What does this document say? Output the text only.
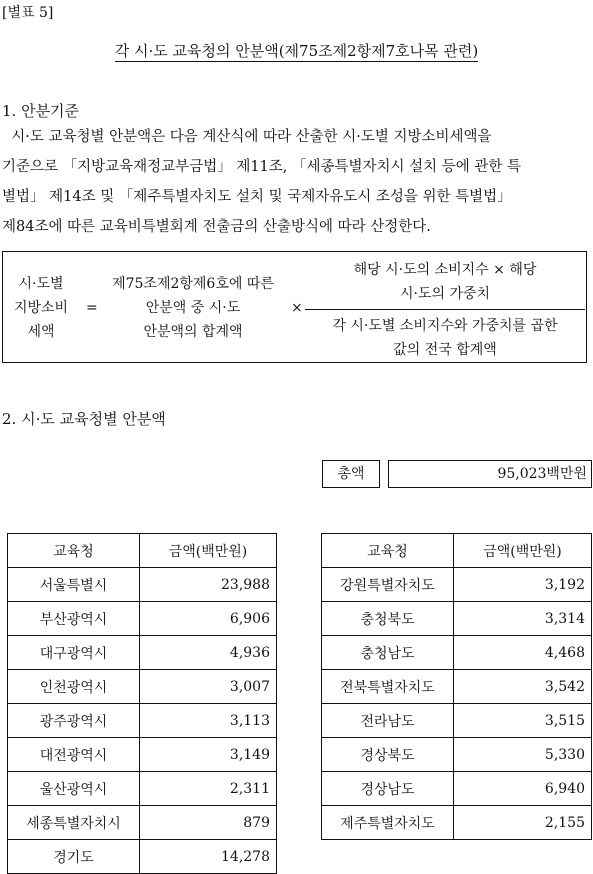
[별표 5]
각 시·도 교육청의 안분액(제75조제2항제7호나목 관련)
1. 안분기준
시·도 교육청별 안분액은 다음 계산식에 따라 산출한 시·도별 지방소비세액을
기준으로 「지방교육재정교부금법」 제11조, 「세종특별자치시 설치 등에 관한 특
별법」 제14조 및 「제주특별자치도 설치 및 국제자유도시 조성을 위한 특별법」
제84조에 따른 교육비특별회계 전출금의 산출방식에 따라 산정한다.
시·도별
지방소비
세액
=
제75조제2항제6호에 따른
안분액 중 시·도
안분액의 합계액
×
해당 시·도의 소비지수 × 해당
시·도의 가중치
각 시·도별 소비지수와 가중치를 곱한
값의 전국 합계액
2. 시·도 교육청별 안분액
총액	95,023백만원
교육청	금액(백만원)
서울특별시	23,988
부산광역시	6,906
대구광역시	4,936
인천광역시	3,007
광주광역시	3,113
대전광역시	3,149
울산광역시	2,311
세종특별자치시	879
경기도	14,278
교육청	금액(백만원)
강원특별자치도	3,192
충청북도	3,314
충청남도	4,468
전북특별자치도	3,542
전라남도	3,515
경상북도	5,330
경상남도	6,940
제주특별자치도	2,155
